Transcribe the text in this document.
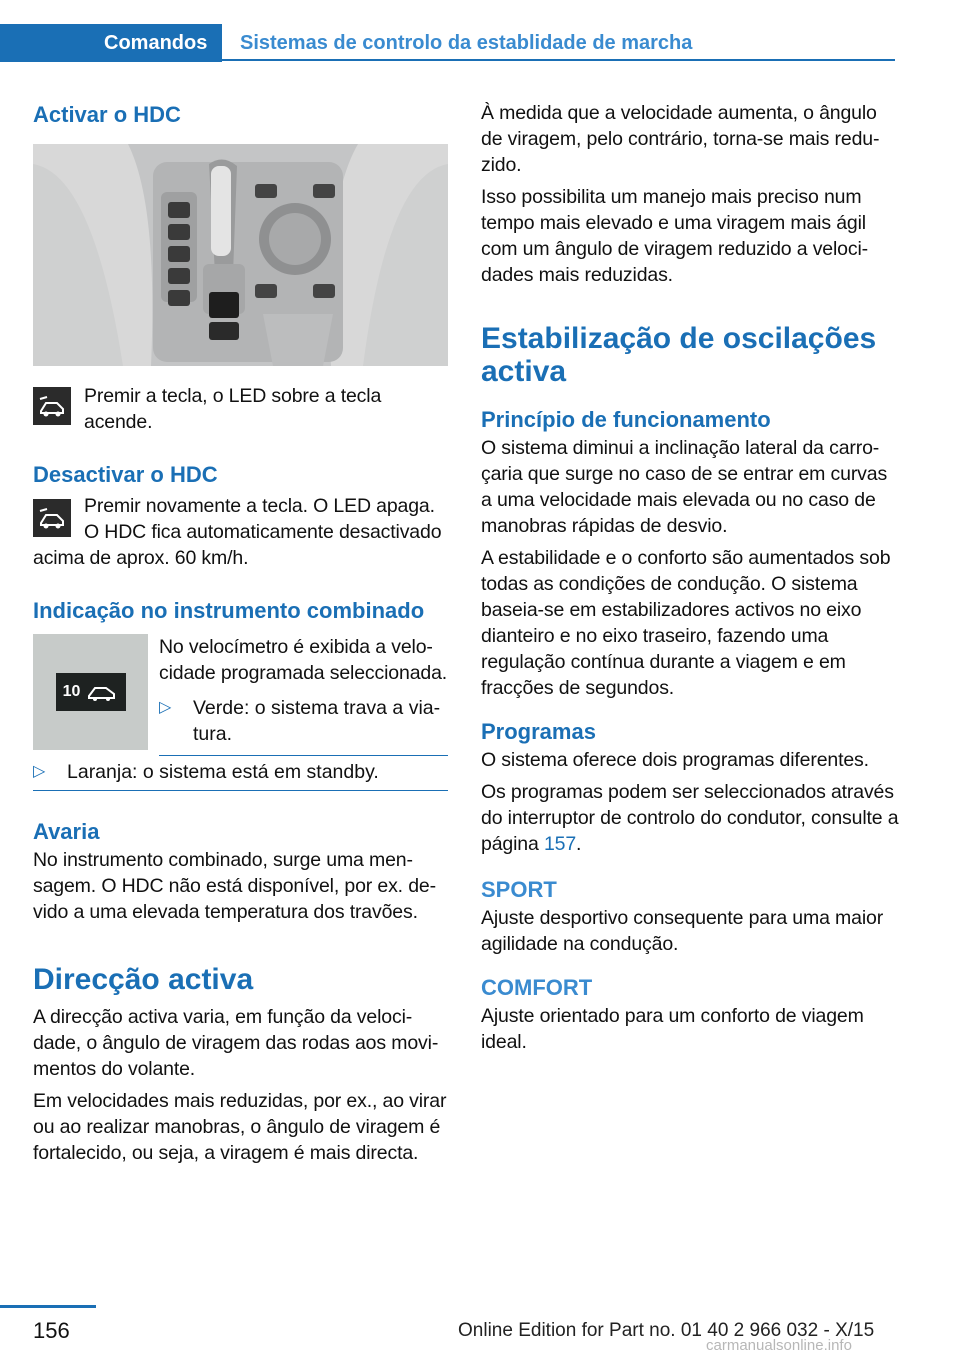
Comandos	Sistemas de controlo da establidade de marcha
Activar o HDC

Premir a tecla, o LED sobre a tecla acende.

Desactivar o HDC

Premir novamente a tecla. O LED apaga. O HDC fica automaticamente desactivado acima de aprox. 60 km/h.

Indicação no instrumento combinado
10

No velocímetro é exibida a velocidade programada seleccionada.

▷ Verde: o sistema trava a viatura.
▷ Laranja: o sistema está em standby.
Avaria

No instrumento combinado, surge uma mensagem. O HDC não está disponível, por ex. devido a uma elevada temperatura dos travões.

Direcção activa

A direcção activa varia, em função da velocidade, o ângulo de viragem das rodas aos movimentos do volante.

Em velocidades mais reduzidas, por ex., ao virar ou ao realizar manobras, o ângulo de viragem é fortalecido, ou seja, a viragem é mais directa.

À medida que a velocidade aumenta, o ângulo de viragem, pelo contrário, torna-se mais reduzido.

Isso possibilita um manejo mais preciso num tempo mais elevado e uma viragem mais ágil com um ângulo de viragem reduzido a velocidades mais reduzidas.

Estabilização de oscilações activa
Princípio de funcionamento

O sistema diminui a inclinação lateral da carroçaria que surge no caso de se entrar em curvas a uma velocidade mais elevada ou no caso de manobras rápidas de desvio.

A estabilidade e o conforto são aumentados sob todas as condições de condução. O sistema baseia-se em estabilizadores activos no eixo dianteiro e no eixo traseiro, fazendo uma regulação contínua durante a viagem e em fracções de segundos.

Programas

O sistema oferece dois programas diferentes.

Os programas podem ser seleccionados através do interruptor de controlo do condutor, consulte a página 157.

SPORT

Ajuste desportivo consequente para uma maior agilidade na condução.

COMFORT

Ajuste orientado para um conforto de viagem ideal.

156	Online Edition for Part no. 01 40 2 966 032 - X/15
carmanualsonline.info
